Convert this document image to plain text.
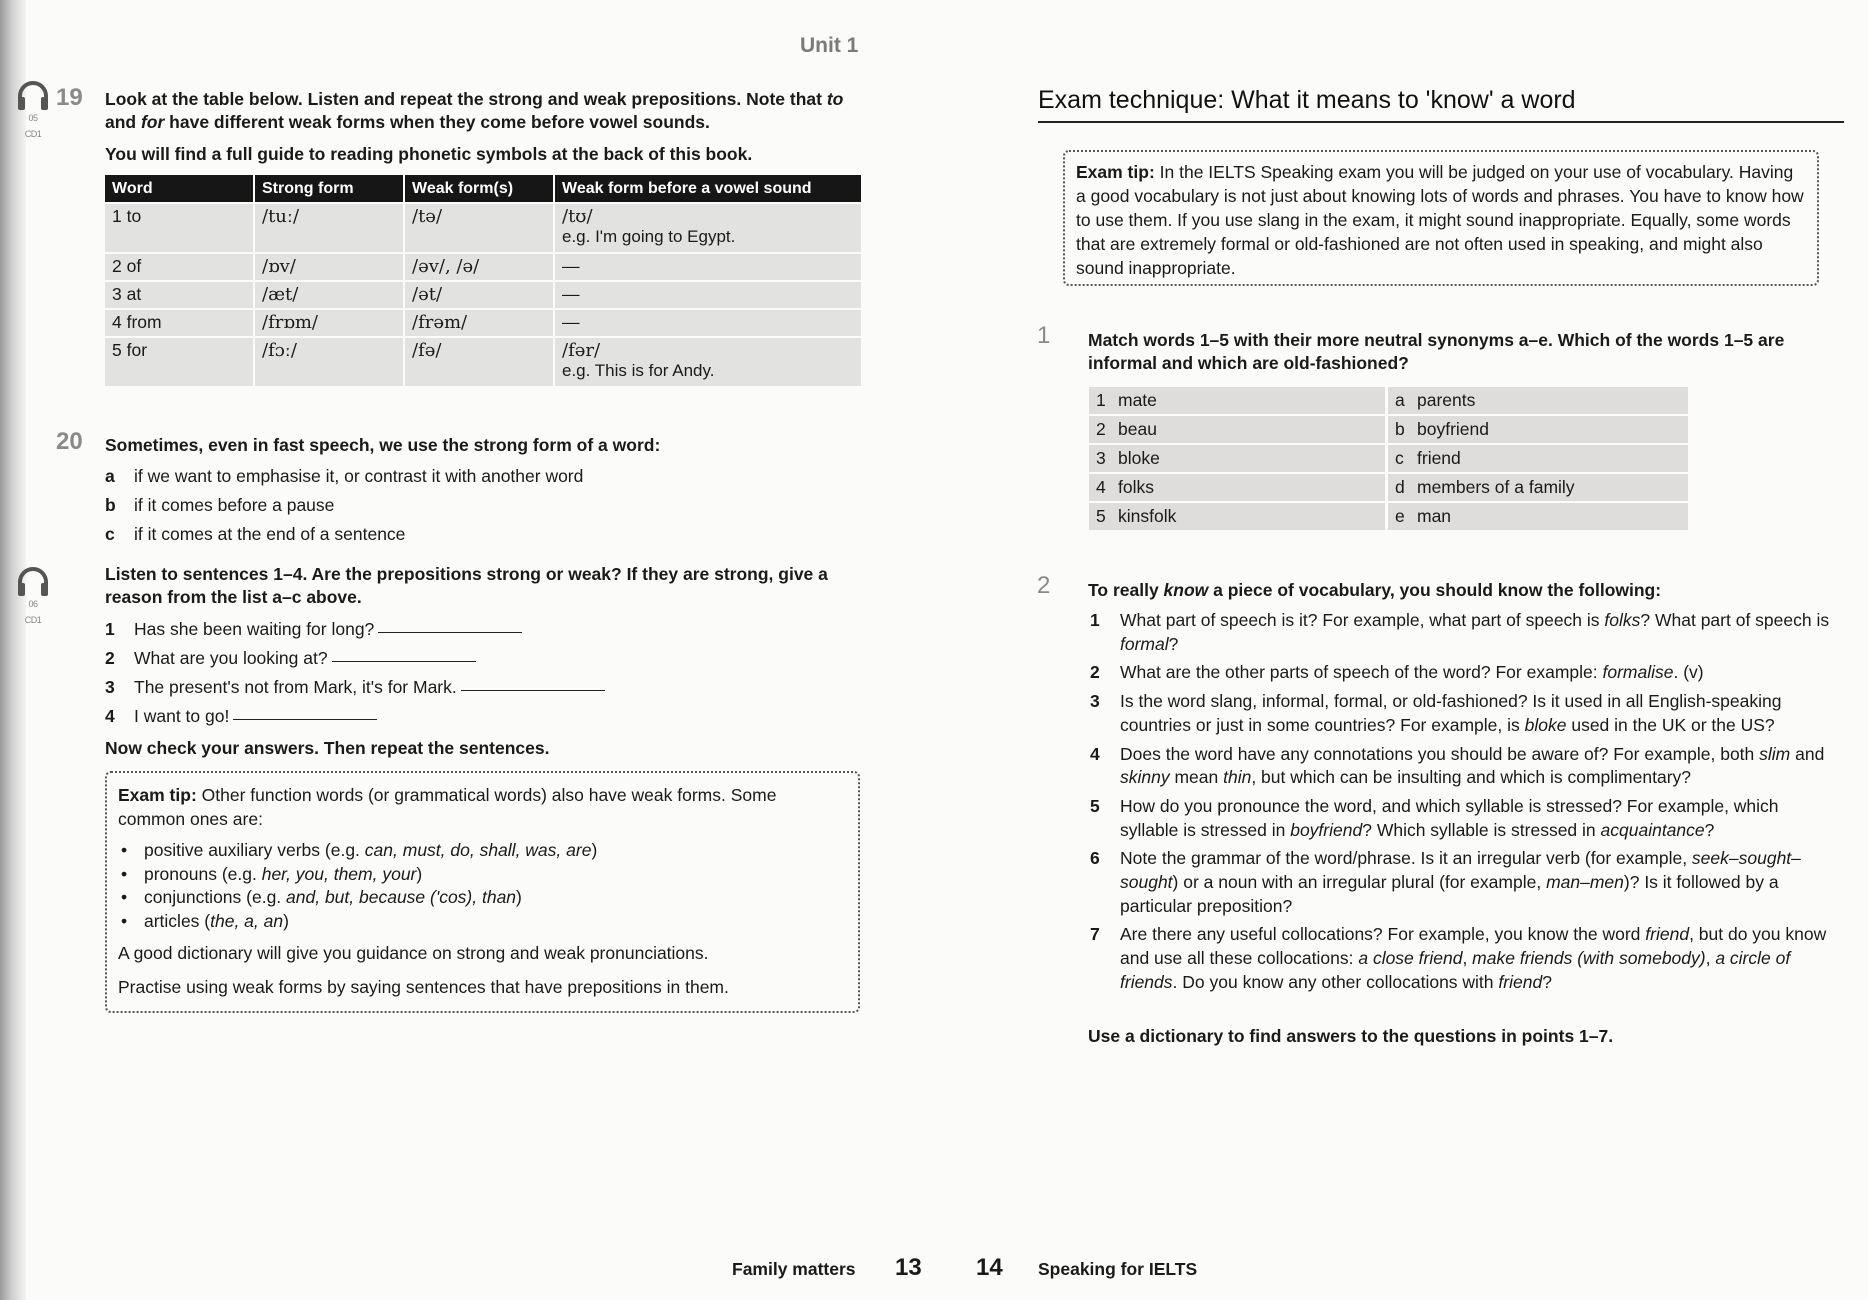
Unit 1
05
CD1
19 Look at the table below. Listen and repeat the strong and weak prepositions. Note that to and for have different weak forms when they come before vowel sounds.
You will find a full guide to reading phonetic symbols at the back of this book.
Word	Strong form	Weak form(s)	Weak form before a vowel sound
1 to	/tuː/	/tə/	/tʊ/
e.g. I'm going to Egypt.

2 of	/ɒv/	/əv/, /ə/	—
3 at	/æt/	/ət/	—
4 from	/frɒm/	/frəm/	—
5 for	/fɔː/	/fə/	/fər/
e.g. This is for Andy.
20 Sometimes, even in fast speech, we use the strong form of a word:
a	if we want to emphasise it, or contrast it with another word
b	if it comes before a pause
c	if it comes at the end of a sentence
06
CD1
Listen to sentences 1–4. Are the prepositions strong or weak? If they are strong, give a reason from the list a–c above.
1	Has she been waiting for long?
2	What are you looking at?
3	The present's not from Mark, it's for Mark.
4	I want to go!
Now check your answers. Then repeat the sentences.
Exam tip: Other function words (or grammatical words) also have weak forms. Some common ones are:
• positive auxiliary verbs (e.g. can, must, do, shall, was, are)
• pronouns (e.g. her, you, them, your)
• conjunctions (e.g. and, but, because ('cos), than)
• articles (the, a, an)
A good dictionary will give you guidance on strong and weak pronunciations.
Practise using weak forms by saying sentences that have prepositions in them.
Family matters 13
Exam technique: What it means to 'know' a word
Exam tip: In the IELTS Speaking exam you will be judged on your use of vocabulary. Having a good vocabulary is not just about knowing lots of words and phrases. You have to know how to use them. If you use slang in the exam, it might sound inappropriate. Equally, some words that are extremely formal or old-fashioned are not often used in speaking, and might also sound inappropriate.
1 Match words 1–5 with their more neutral synonyms a–e. Which of the words 1–5 are informal and which are old-fashioned?
1 mate	a parents
2 beau	b boyfriend
3 bloke	c friend
4 folks	d members of a family
5 kinsfolk	e man
2 To really know a piece of vocabulary, you should know the following:
1	What part of speech is it? For example, what part of speech is folks? What part of speech is formal?
2	What are the other parts of speech of the word? For example: formalise. (v)
3	Is the word slang, informal, formal, or old-fashioned? Is it used in all English-speaking countries or just in some countries? For example, is bloke used in the UK or the US?
4	Does the word have any connotations you should be aware of? For example, both slim and skinny mean thin, but which can be insulting and which is complimentary?
5	How do you pronounce the word, and which syllable is stressed? For example, which syllable is stressed in boyfriend? Which syllable is stressed in acquaintance?
6	Note the grammar of the word/phrase. Is it an irregular verb (for example, seek–sought–sought) or a noun with an irregular plural (for example, man–men)? Is it followed by a particular preposition?
7	Are there any useful collocations? For example, you know the word friend, but do you know and use all these collocations: a close friend, make friends (with somebody), a circle of friends. Do you know any other collocations with friend?
Use a dictionary to find answers to the questions in points 1–7.
14 Speaking for IELTS
